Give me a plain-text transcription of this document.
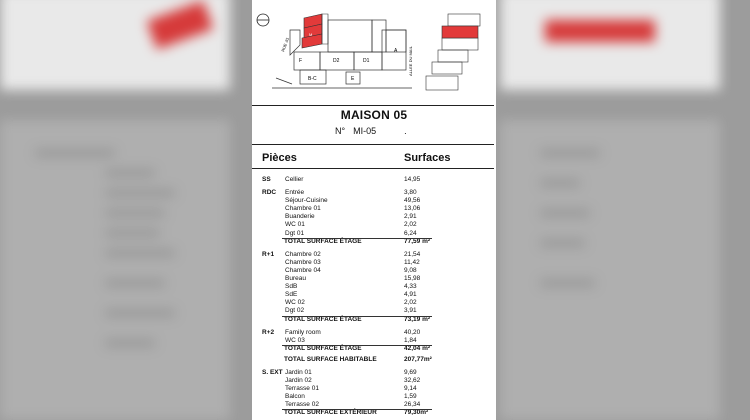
F	D2	D1
A
B-C	E
M
RUE JG
ALLEE DU MAIL
MAISON 05
N° MI-05	.
Pièces	Surfaces
SS Cellier	14,95
RDC Entrée	3,80
Séjour-Cuisine	49,56
Chambre 01	13,06
Buanderie	2,91
WC 01	2,02
Dgt 01	6,24
TOTAL SURFACE ÉTAGE	77,59 m²
R+1 Chambre 02	21,54
Chambre 03	11,42
Chambre 04	9,08
Bureau	15,98
SdB	4,33
SdE	4,91
WC 02	2,02
Dgt 02	3,91
TOTAL SURFACE ÉTAGE	73,19 m²
R+2 Family room	40,20
WC 03	1,84
TOTAL SURFACE ÉTAGE	42,04 m²
TOTAL SURFACE HABITABLE	207,77m²
S. EXT Jardin 01	9,69
Jardin 02	32,62
Terrasse 01	9,14
Balcon	1,59
Terrasse 02	26,34
TOTAL SURFACE EXTÉRIEUR	79,30m²
